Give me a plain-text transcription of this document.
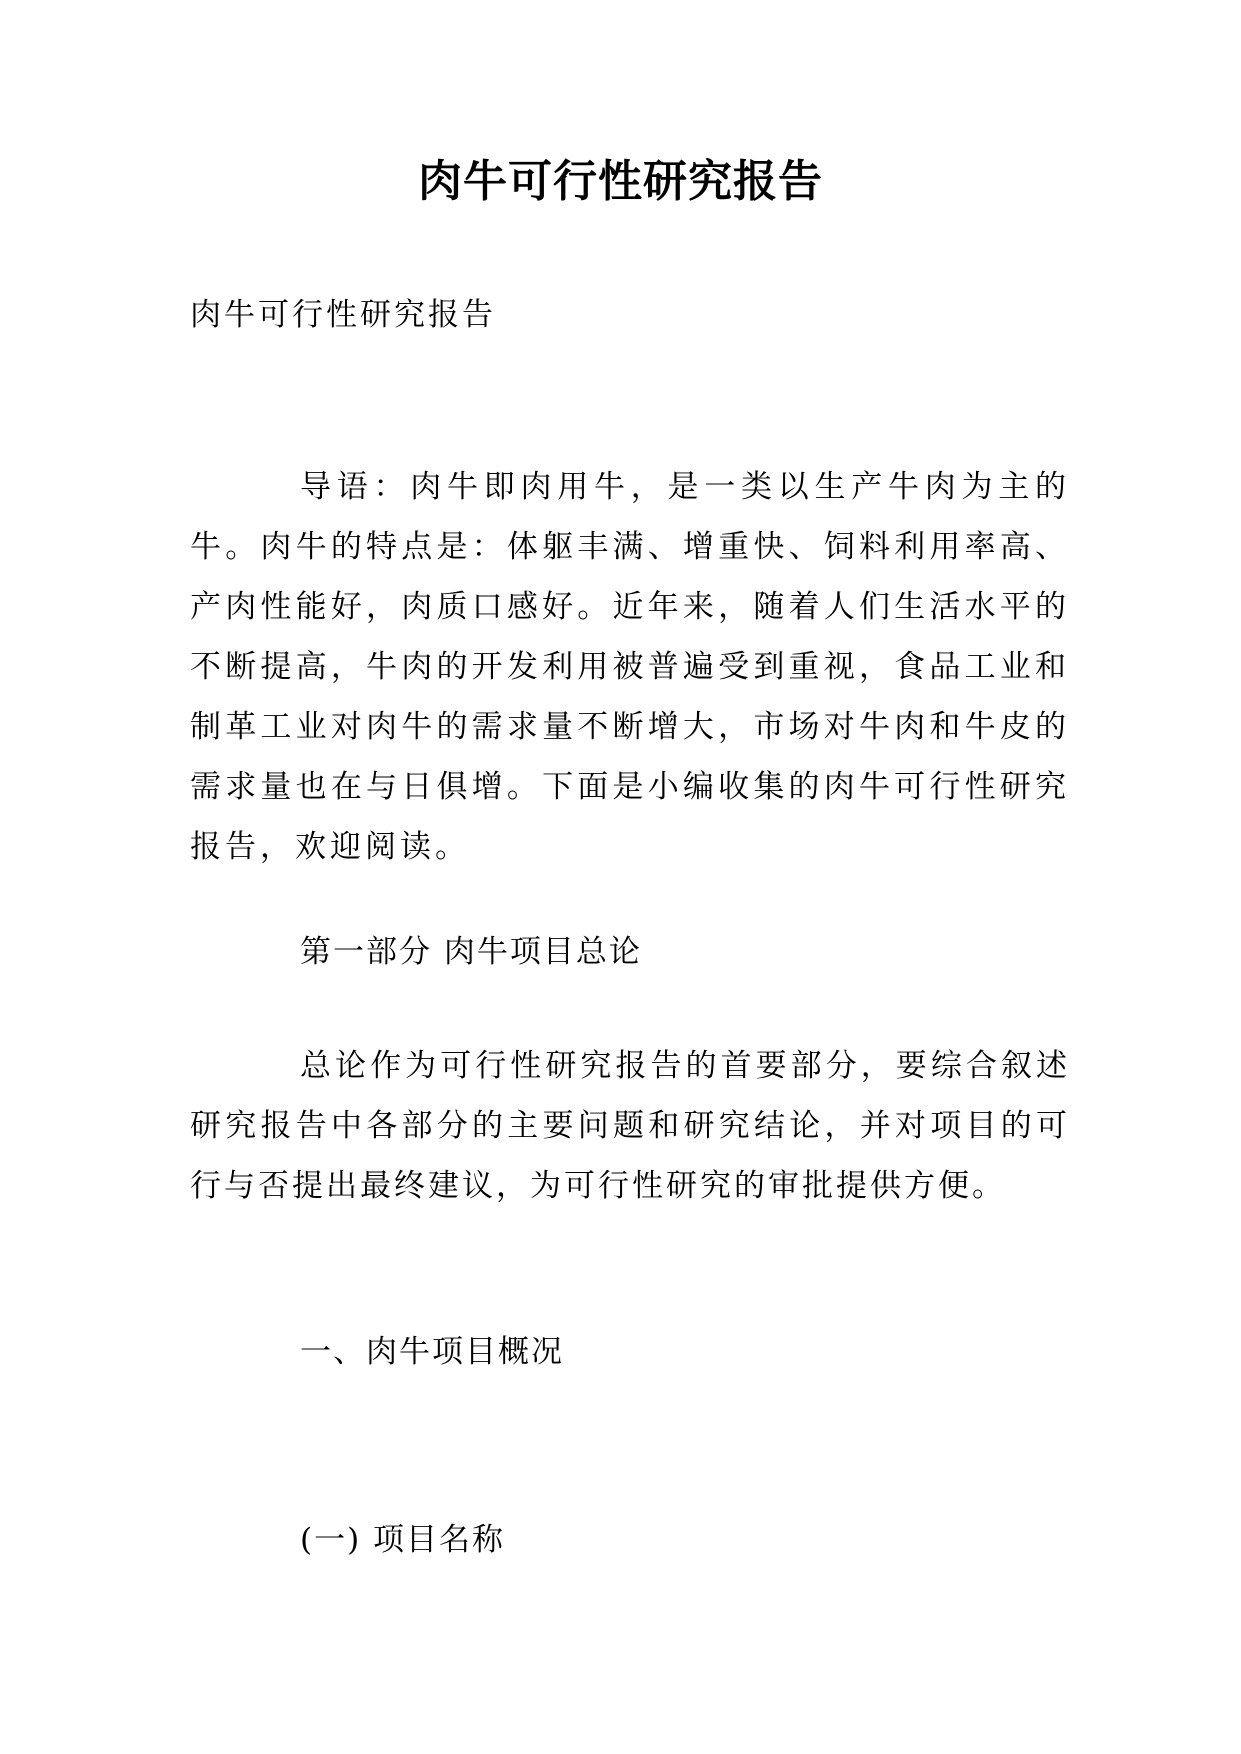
肉牛可行性研究报告

肉牛可行性研究报告

导语：肉牛即肉用牛，是一类以生产牛肉为主的牛。肉牛的特点是：体躯丰满、增重快、饲料利用率高、产肉性能好，肉质口感好。近年来，随着人们生活水平的不断提高，牛肉的开发利用被普遍受到重视，食品工业和制革工业对肉牛的需求量不断增大，市场对牛肉和牛皮的需求量也在与日俱增。下面是小编收集的肉牛可行性研究报告，欢迎阅读。

第一部分 肉牛项目总论

总论作为可行性研究报告的首要部分，要综合叙述研究报告中各部分的主要问题和研究结论，并对项目的可行与否提出最终建议，为可行性研究的审批提供方便。

一、肉牛项目概况

(一) 项目名称
